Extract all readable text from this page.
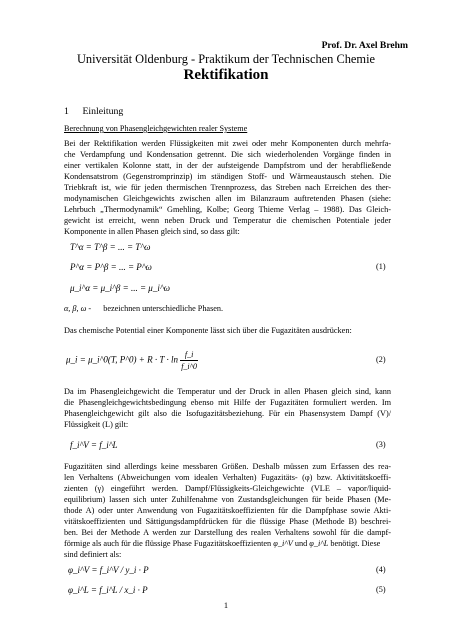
Prof. Dr. Axel Brehm
Universität Oldenburg - Praktikum der Technischen Chemie
Rektifikation
1 Einleitung
Berechnung von Phasengleichgewichten realer Systeme
Bei der Rektifikation werden Flüssigkeiten mit zwei oder mehr Komponenten durch mehrfa-
che Verdampfung und Kondensation getrennt. Die sich wiederholenden Vorgänge finden in
einer vertikalen Kolonne statt, in der der aufsteigende Dampfstrom und der herabfließende
Kondensatstrom (Gegenstromprinzip) im ständigen Stoff- und Wärmeaustausch stehen. Die
Triebkraft ist, wie für jeden thermischen Trennprozess, das Streben nach Erreichen des ther-
modynamischen Gleichgewichts zwischen allen im Bilanzraum auftretenden Phasen (siehe:
Lehrbuch „Thermodynamik“ Gmehling, Kolbe; Georg Thieme Verlag – 1988). Das Gleich-
gewicht ist erreicht, wenn neben Druck und Temperatur die chemischen Potentiale jeder
Komponente in allen Phasen gleich sind, so dass gilt:
T^α = T^β = ... = T^ω
P^α = P^β = ... = P^ω
μ_i^α = μ_i^β = ... = μ_i^ω
(1)
α, β, ω - bezeichnen unterschiedliche Phasen.
Das chemische Potential einer Komponente lässt sich über die Fugazitäten ausdrücken:
μ_i = μ_i^0(T, P^0) + $R \cdot T \cdot \ln \frac{f\_i}{f\_i\^{}0}$	(2)
Da im Phasengleichgewicht die Temperatur und der Druck in allen Phasen gleich sind, kann
die Phasengleichgewichtsbedingung ebenso mit Hilfe der Fugazitäten formuliert werden. Im
Phasengleichgewicht gilt also die Isofugazitätsbeziehung. Für ein Phasensystem Dampf (V)/
Flüssigkeit (L) gilt:
f_i^V = f_i^L	(3)
Fugazitäten sind allerdings keine messbaren Größen. Deshalb müssen zum Erfassen des rea-
len Verhaltens (Abweichungen vom idealen Verhalten) Fugazitäts- (φ) bzw. Aktivitätskoeffi-
zienten (γ) eingeführt werden. Dampf/Flüssigkeits-Gleichgewichte (VLE – vapor/liquid-
equilibrium) lassen sich unter Zuhilfenahme von Zustandsgleichungen für beide Phasen (Me-
thode A) oder unter Anwendung von Fugazitätskoeffizienten für die Dampfphase sowie Akti-
vitätskoeffizienten und Sättigungsdampfdrücken für die flüssige Phase (Methode B) beschrei-
ben. Bei der Methode A werden zur Darstellung des realen Verhaltens sowohl für die dampf-
förmige als auch für die flüssige Phase Fugazitätskoeffizienten φ_i^V und φ_i^L benötigt. Diese
sind definiert als:
φ_i^V = f_i^V / y_i · P	(4)
φ_i^L = f_i^L / x_i · P	(5)
1
